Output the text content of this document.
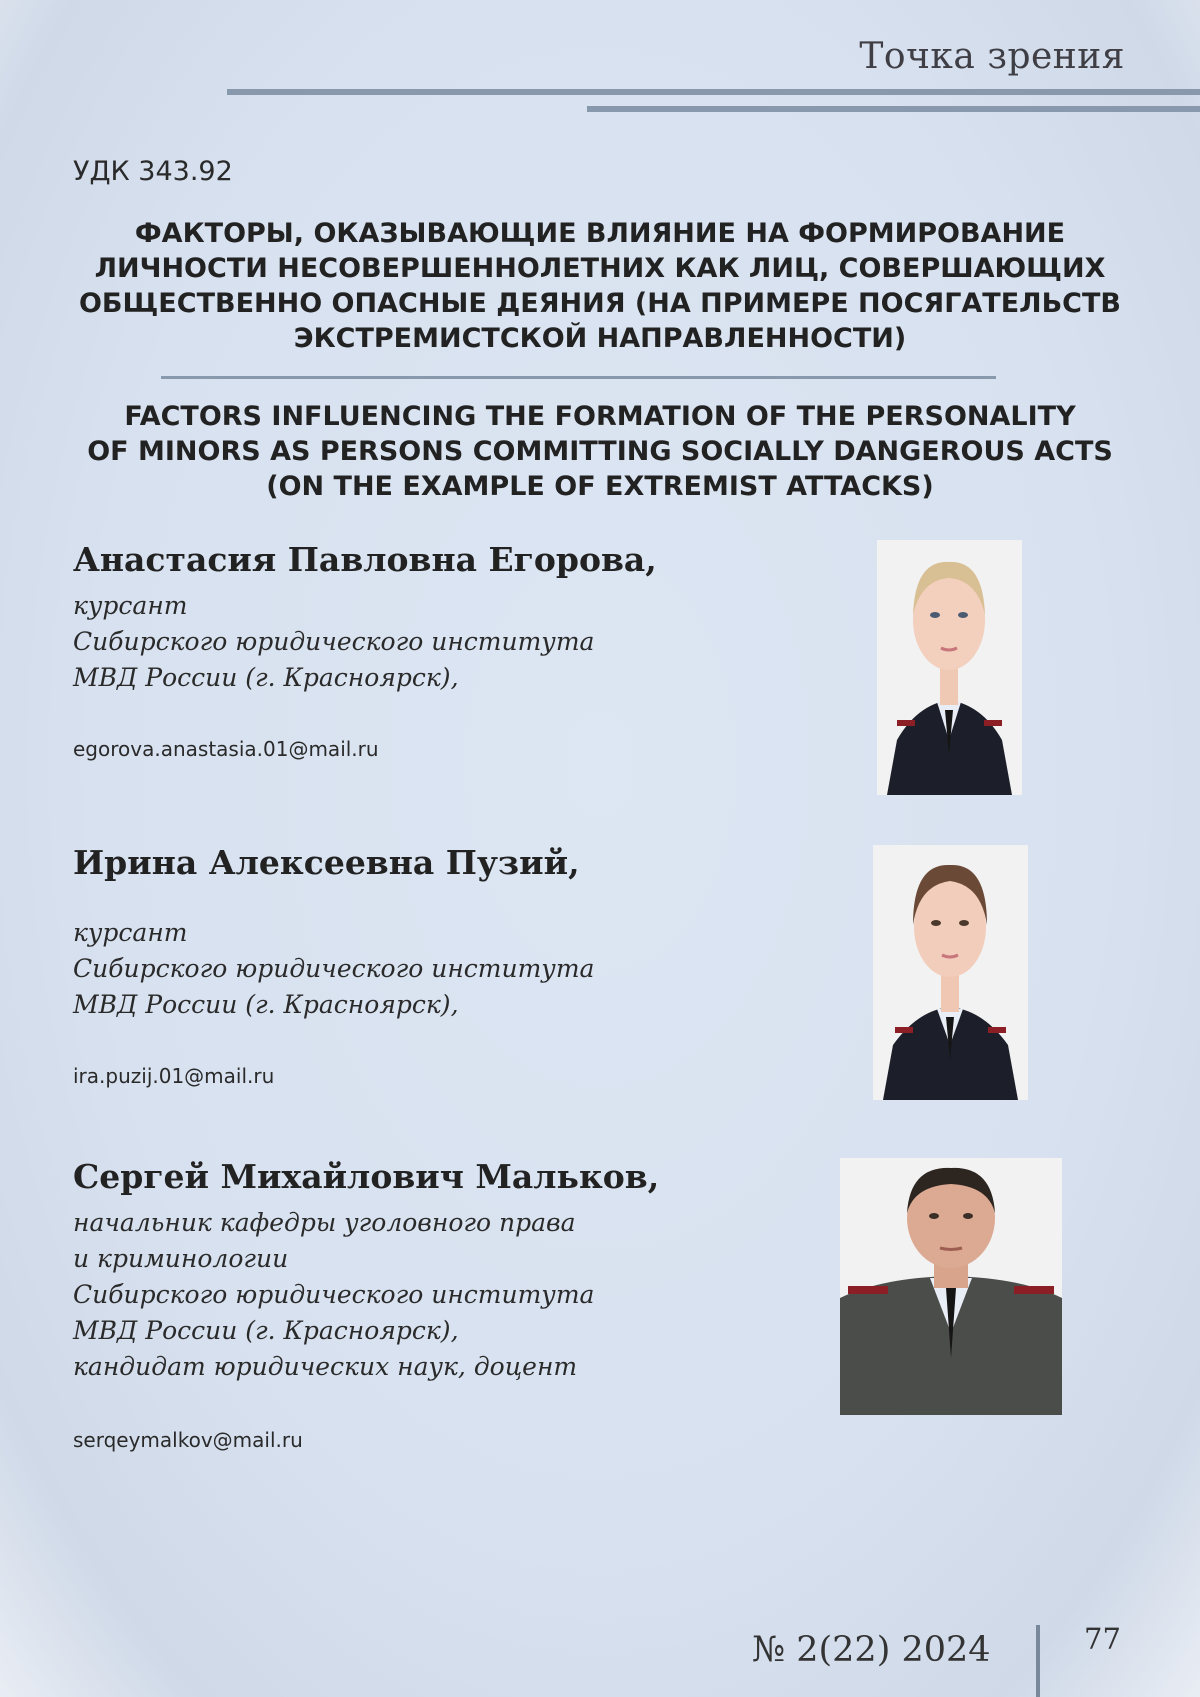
Точка зрения
УДК 343.92
ФАКТОРЫ, ОКАЗЫВАЮЩИЕ ВЛИЯНИЕ НА ФОРМИРОВАНИЕ
ЛИЧНОСТИ НЕСОВЕРШЕННОЛЕТНИХ КАК ЛИЦ, СОВЕРШАЮЩИХ
ОБЩЕСТВЕННО ОПАСНЫЕ ДЕЯНИЯ (НА ПРИМЕРЕ ПОСЯГАТЕЛЬСТВ
ЭКСТРЕМИСТСКОЙ НАПРАВЛЕННОСТИ)
FACTORS INFLUENCING THE FORMATION OF THE PERSONALITY
OF MINORS AS PERSONS COMMITTING SOCIALLY DANGEROUS ACTS
(ON THE EXAMPLE OF EXTREMIST ATTACKS)
Анастасия Павловна Егорова,
курсант
Сибирского юридического института
МВД России (г. Красноярск),
egorova.anastasia.01@mail.ru
Ирина Алексеевна Пузий,
курсант
Сибирского юридического института
МВД России (г. Красноярск),
ira.puzij.01@mail.ru
Сергей Михайлович Мальков,
начальник кафедры уголовного права
и криминологии
Сибирского юридического института
МВД России (г. Красноярск),
кандидат юридических наук, доцент
serqeymalkov@mail.ru
№ 2(22) 2024	77
